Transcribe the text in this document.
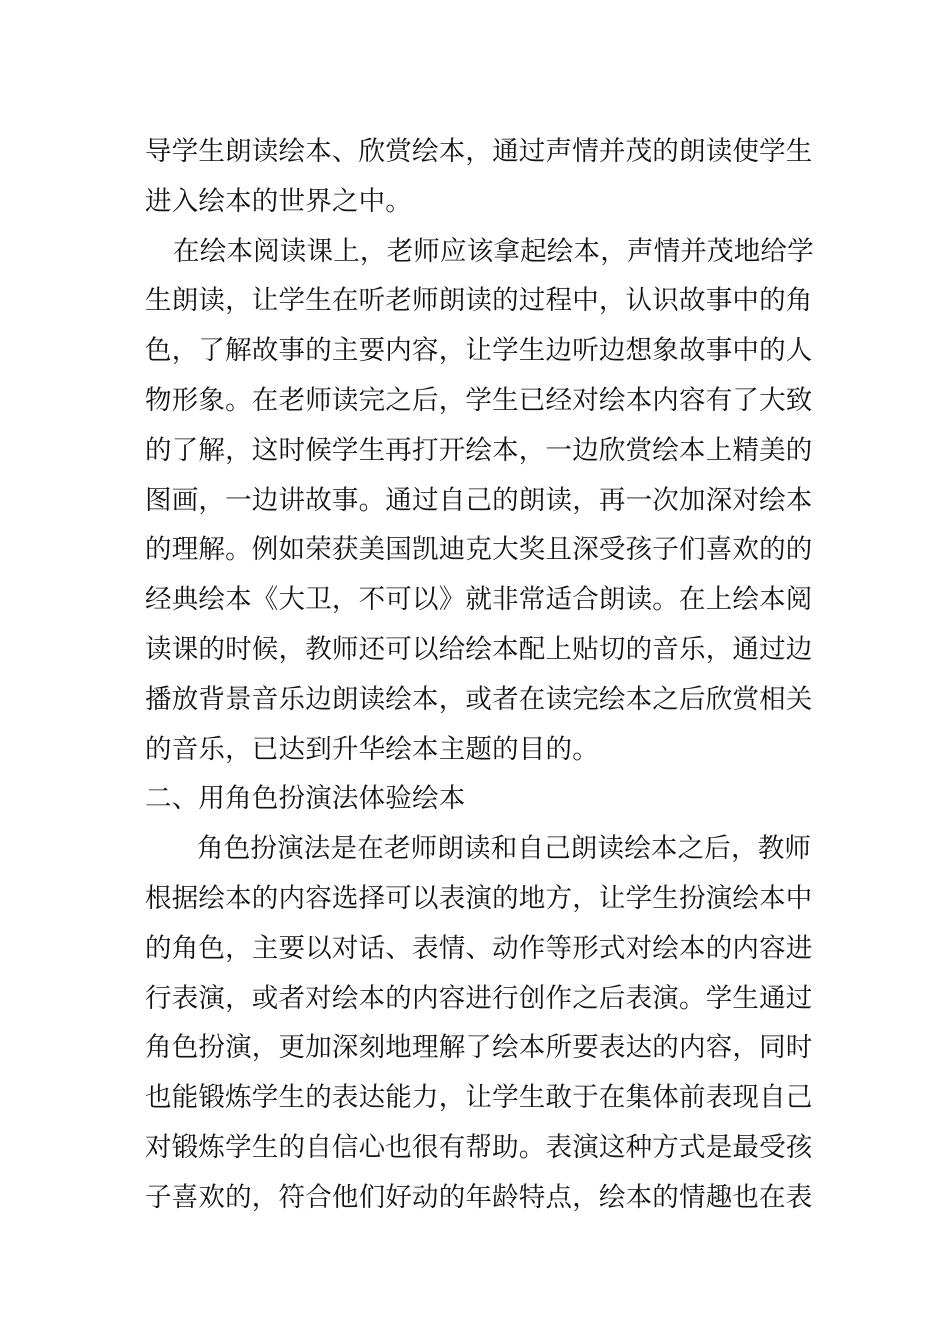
导学生朗读绘本、欣赏绘本，通过声情并茂的朗读使学生
进入绘本的世界之中。
在绘本阅读课上，老师应该拿起绘本，声情并茂地给学
生朗读，让学生在听老师朗读的过程中，认识故事中的角
色，了解故事的主要内容，让学生边听边想象故事中的人
物形象。在老师读完之后，学生已经对绘本内容有了大致
的了解，这时候学生再打开绘本，一边欣赏绘本上精美的
图画，一边讲故事。通过自己的朗读，再一次加深对绘本
的理解。例如荣获美国凯迪克大奖且深受孩子们喜欢的的
经典绘本《大卫，不可以》就非常适合朗读。在上绘本阅
读课的时候，教师还可以给绘本配上贴切的音乐，通过边
播放背景音乐边朗读绘本，或者在读完绘本之后欣赏相关
的音乐，已达到升华绘本主题的目的。
二、用角色扮演法体验绘本
角色扮演法是在老师朗读和自己朗读绘本之后，教师
根据绘本的内容选择可以表演的地方，让学生扮演绘本中
的角色，主要以对话、表情、动作等形式对绘本的内容进
行表演，或者对绘本的内容进行创作之后表演。学生通过
角色扮演，更加深刻地理解了绘本所要表达的内容，同时
也能锻炼学生的表达能力，让学生敢于在集体前表现自己
对锻炼学生的自信心也很有帮助。表演这种方式是最受孩
子喜欢的，符合他们好动的年龄特点，绘本的情趣也在表
